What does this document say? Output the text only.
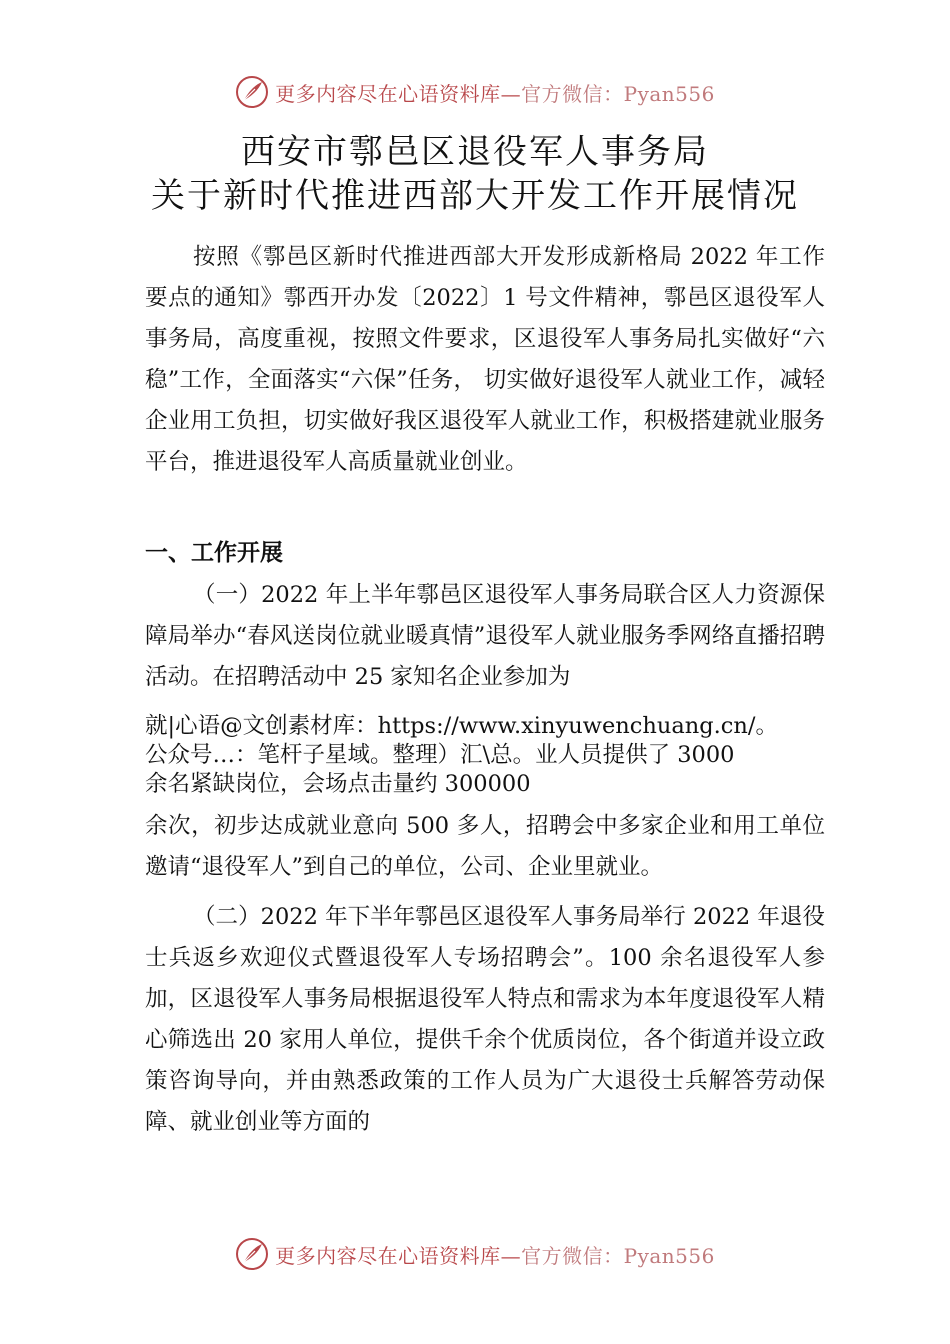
更多内容尽在心语资料库—官方微信：Pyan556
西安市鄠邑区退役军人事务局
关于新时代推进西部大开发工作开展情况
按照《鄠邑区新时代推进西部大开发形成新格局 2022 年工作要点的通知》鄠西开办发〔2022〕1 号文件精神，鄠邑区退役军人事务局，高度重视，按照文件要求，区退役军人事务局扎实做好“六稳”工作，全面落实“六保”任务， 切实做好退役军人就业工作，减轻企业用工负担，切实做好我区退役军人就业工作，积极搭建就业服务平台，推进退役军人高质量就业创业。
一、工作开展
（一）2022 年上半年鄠邑区退役军人事务局联合区人力资源保障局举办“春风送岗位就业暖真情”退役军人就业服务季网络直播招聘活动。在招聘活动中 25 家知名企业参加为
就|心语@文创素材库：https://www.xinyuwenchuang.cn/。
公众号…：笔杆子星域。整理）汇\总。业人员提供了 3000
余名紧缺岗位，会场点击量约 300000
余次，初步达成就业意向 500 多人，招聘会中多家企业和用工单位邀请“退役军人”到自己的单位，公司、企业里就业。
（二）2022 年下半年鄠邑区退役军人事务局举行 2022 年退役士兵返乡欢迎仪式暨退役军人专场招聘会”。100 余名退役军人参加，区退役军人事务局根据退役军人特点和需求为本年度退役军人精心筛选出 20 家用人单位，提供千余个优质岗位，各个街道并设立政策咨询导向，并由熟悉政策的工作人员为广大退役士兵解答劳动保障、就业创业等方面的
更多内容尽在心语资料库—官方微信：Pyan556
